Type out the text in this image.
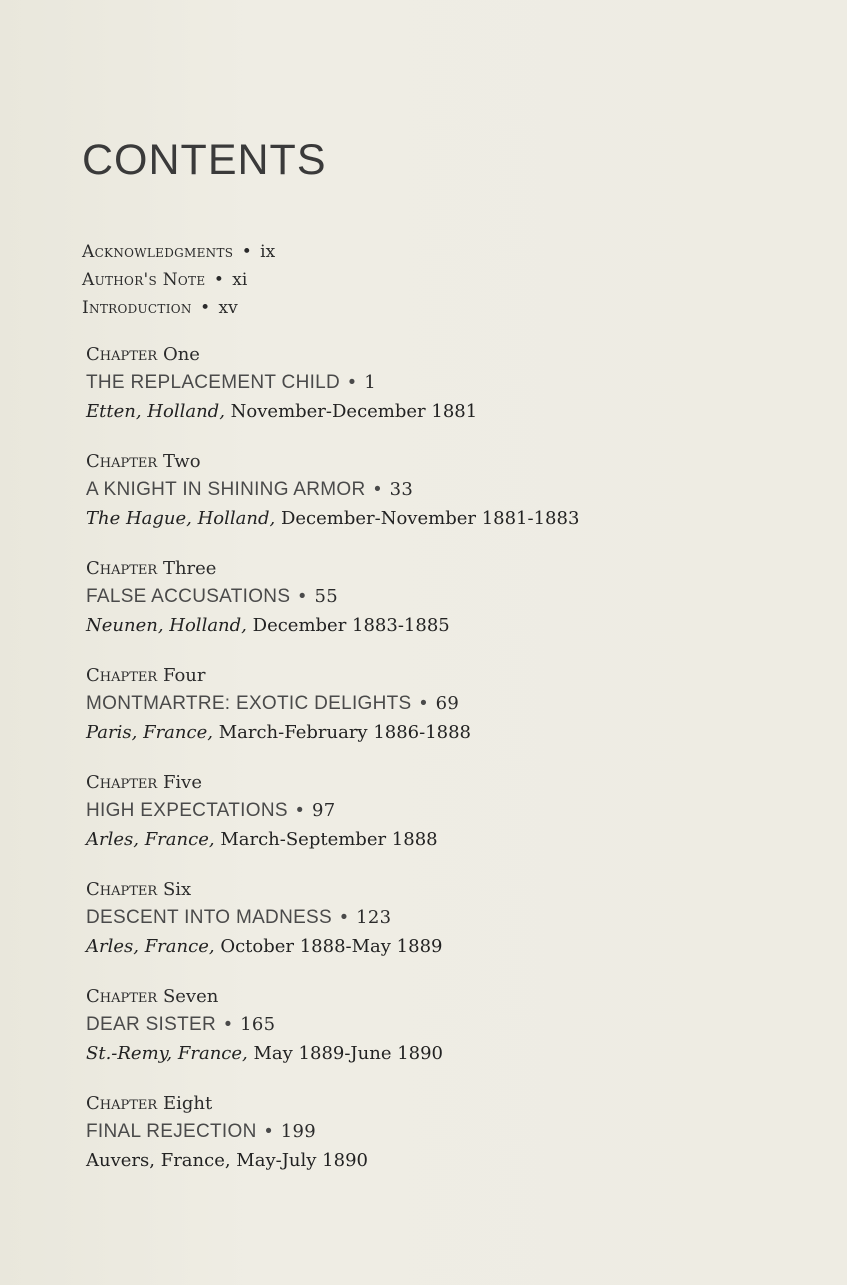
CONTENTS
Acknowledgments • ix
Author's Note • xi
Introduction • xv
Chapter One
THE REPLACEMENT CHILD • 1
Etten, Holland, November-December 1881
Chapter Two
A KNIGHT IN SHINING ARMOR • 33
The Hague, Holland, December-November 1881-1883
Chapter Three
FALSE ACCUSATIONS • 55
Neunen, Holland, December 1883-1885
Chapter Four
MONTMARTRE: EXOTIC DELIGHTS • 69
Paris, France, March-February 1886-1888
Chapter Five
HIGH EXPECTATIONS • 97
Arles, France, March-September 1888
Chapter Six
DESCENT INTO MADNESS • 123
Arles, France, October 1888-May 1889
Chapter Seven
DEAR SISTER • 165
St.-Remy, France, May 1889-June 1890
Chapter Eight
FINAL REJECTION • 199
Auvers, France, May-July 1890
